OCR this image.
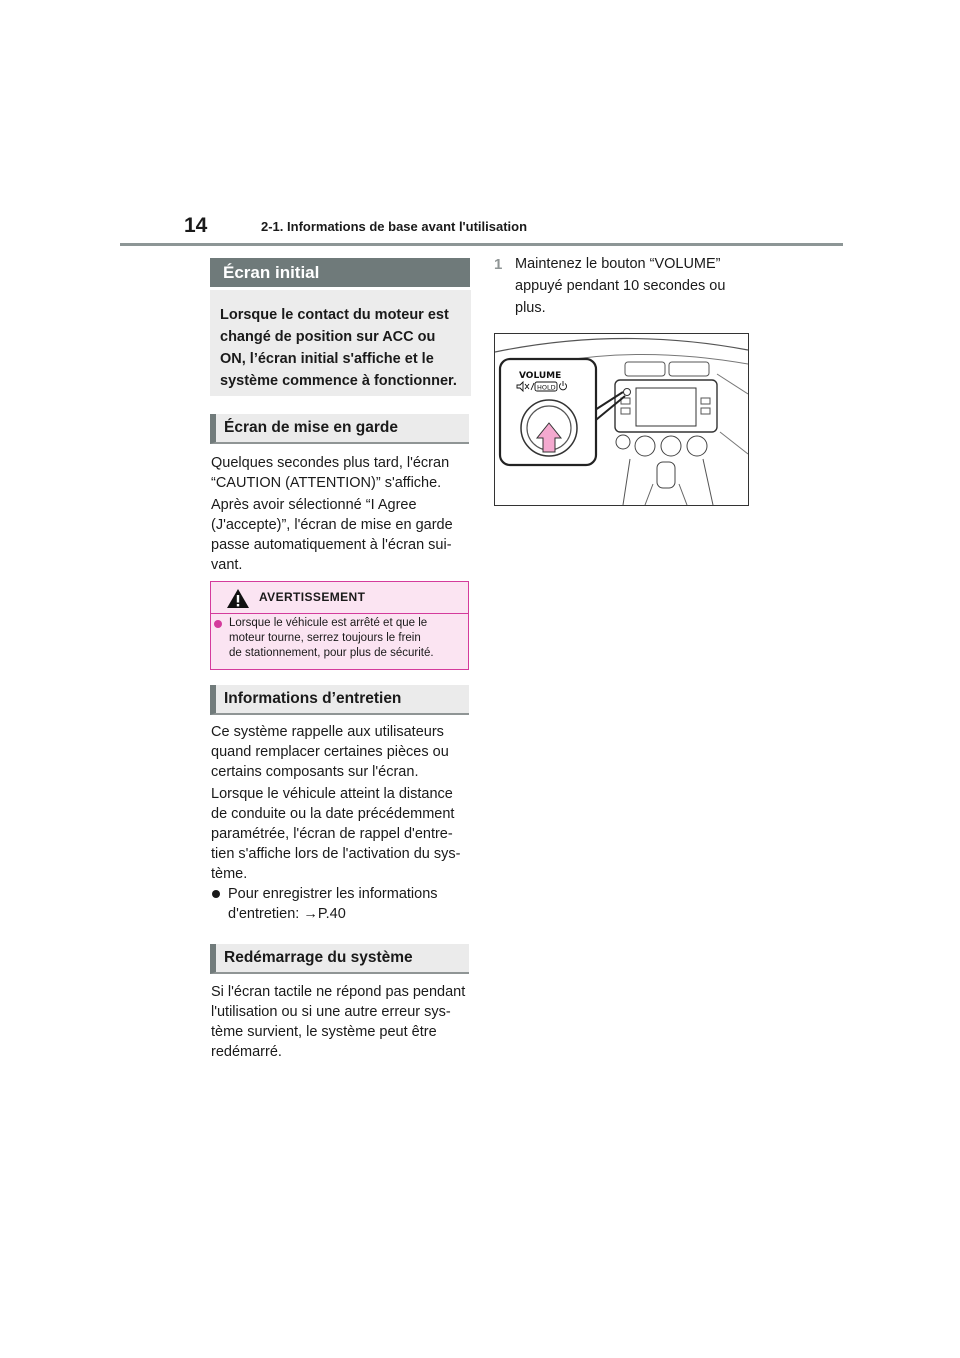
14	2-1. Informations de base avant l'utilisation
Écran initial
Lorsque le contact du moteur est
changé de position sur ACC ou
ON, l’écran initial s'affiche et le
système commence à fonctionner.
Écran de mise en garde
Quelques secondes plus tard, l'écran
“CAUTION (ATTENTION)” s'affiche.
Après avoir sélectionné “I Agree
(J'accepte)”, l'écran de mise en garde
passe automatiquement à l'écran sui-
vant.
AVERTISSEMENT
Lorsque le véhicule est arrêté et que le
moteur tourne, serrez toujours le frein
de stationnement, pour plus de sécurité.
Informations d’entretien
Ce système rappelle aux utilisateurs
quand remplacer certaines pièces ou
certains composants sur l'écran.
Lorsque le véhicule atteint la distance
de conduite ou la date précédemment
paramétrée, l'écran de rappel d'entre-
tien s'affiche lors de l'activation du sys-
tème.
Pour enregistrer les informations
d'entretien: →P.40
Redémarrage du système
Si l'écran tactile ne répond pas pendant
l'utilisation ou si une autre erreur sys-
tème survient, le système peut être
redémarré.
1 Maintenez le bouton “VOLUME”
appuyé pendant 10 secondes ou
plus.
VOLUME
HOLD
